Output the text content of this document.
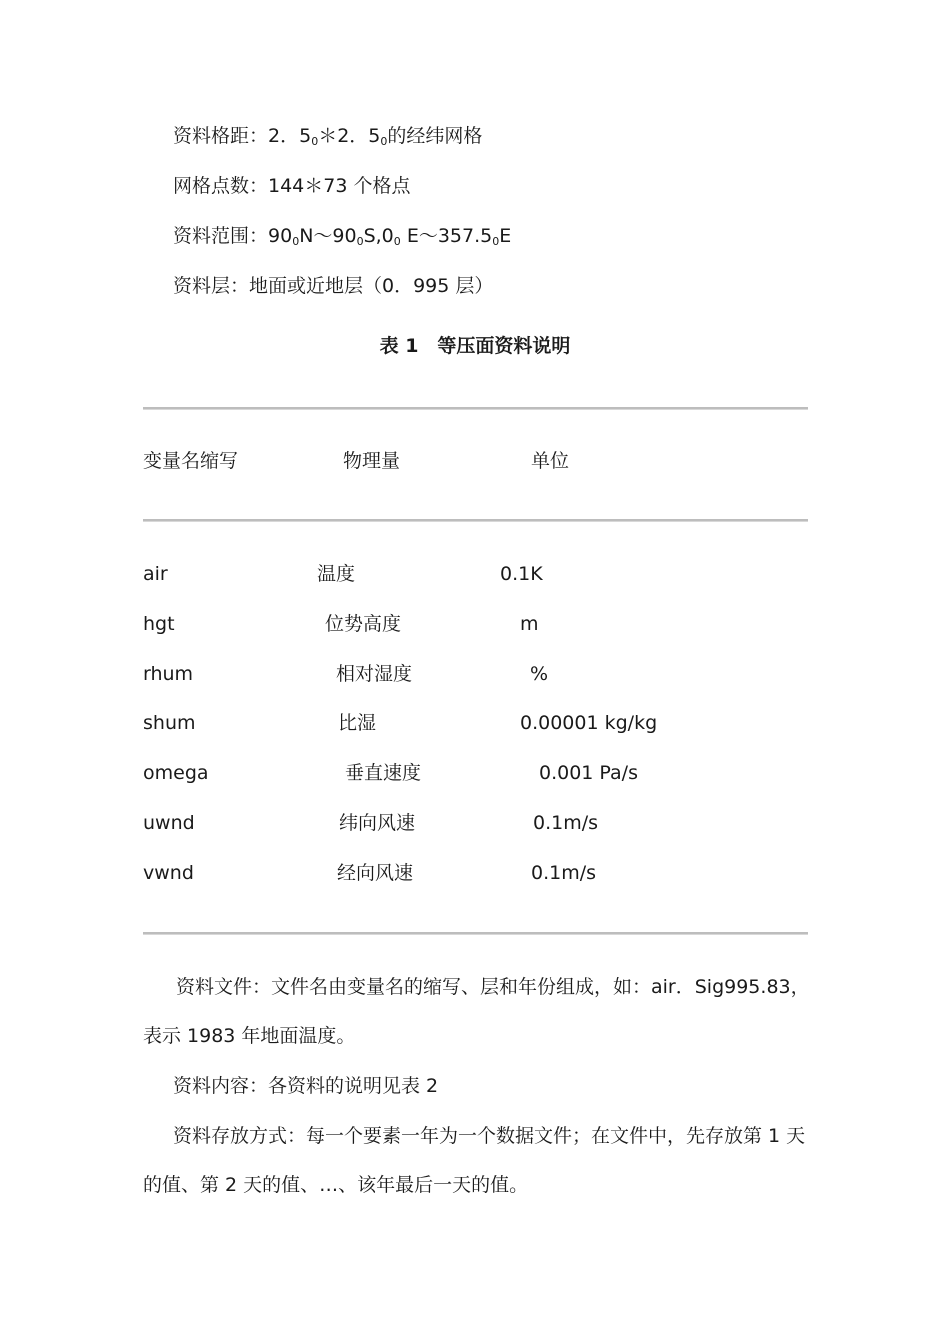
资料格距：2．$5_0*2$．$5_0$的经纬网格
网格点数：144＊73 个格点
资料范围：$90_0N\sim 90_0S,0_0$ $E\sim 357.5_0E$
资料层：地面或近地层（0．995 层）
表 1　等压面资料说明
变量名缩写	物理量	单位
air	温度	0.1K
hgt	位势高度	m
rhum	相对湿度	%
shum	比湿	0.00001 kg/kg
omega	垂直速度	0.001 Pa/s
uwnd	纬向风速	0.1m/s
vwnd	经向风速	0.1m/s
资料文件：文件名由变量名的缩写、层和年份组成，如：air．Sig995.83，
表示 1983 年地面温度。
资料内容：各资料的说明见表 2
资料存放方式：每一个要素一年为一个数据文件；在文件中，先存放第 1 天
的值、第 2 天的值、…、该年最后一天的值。
